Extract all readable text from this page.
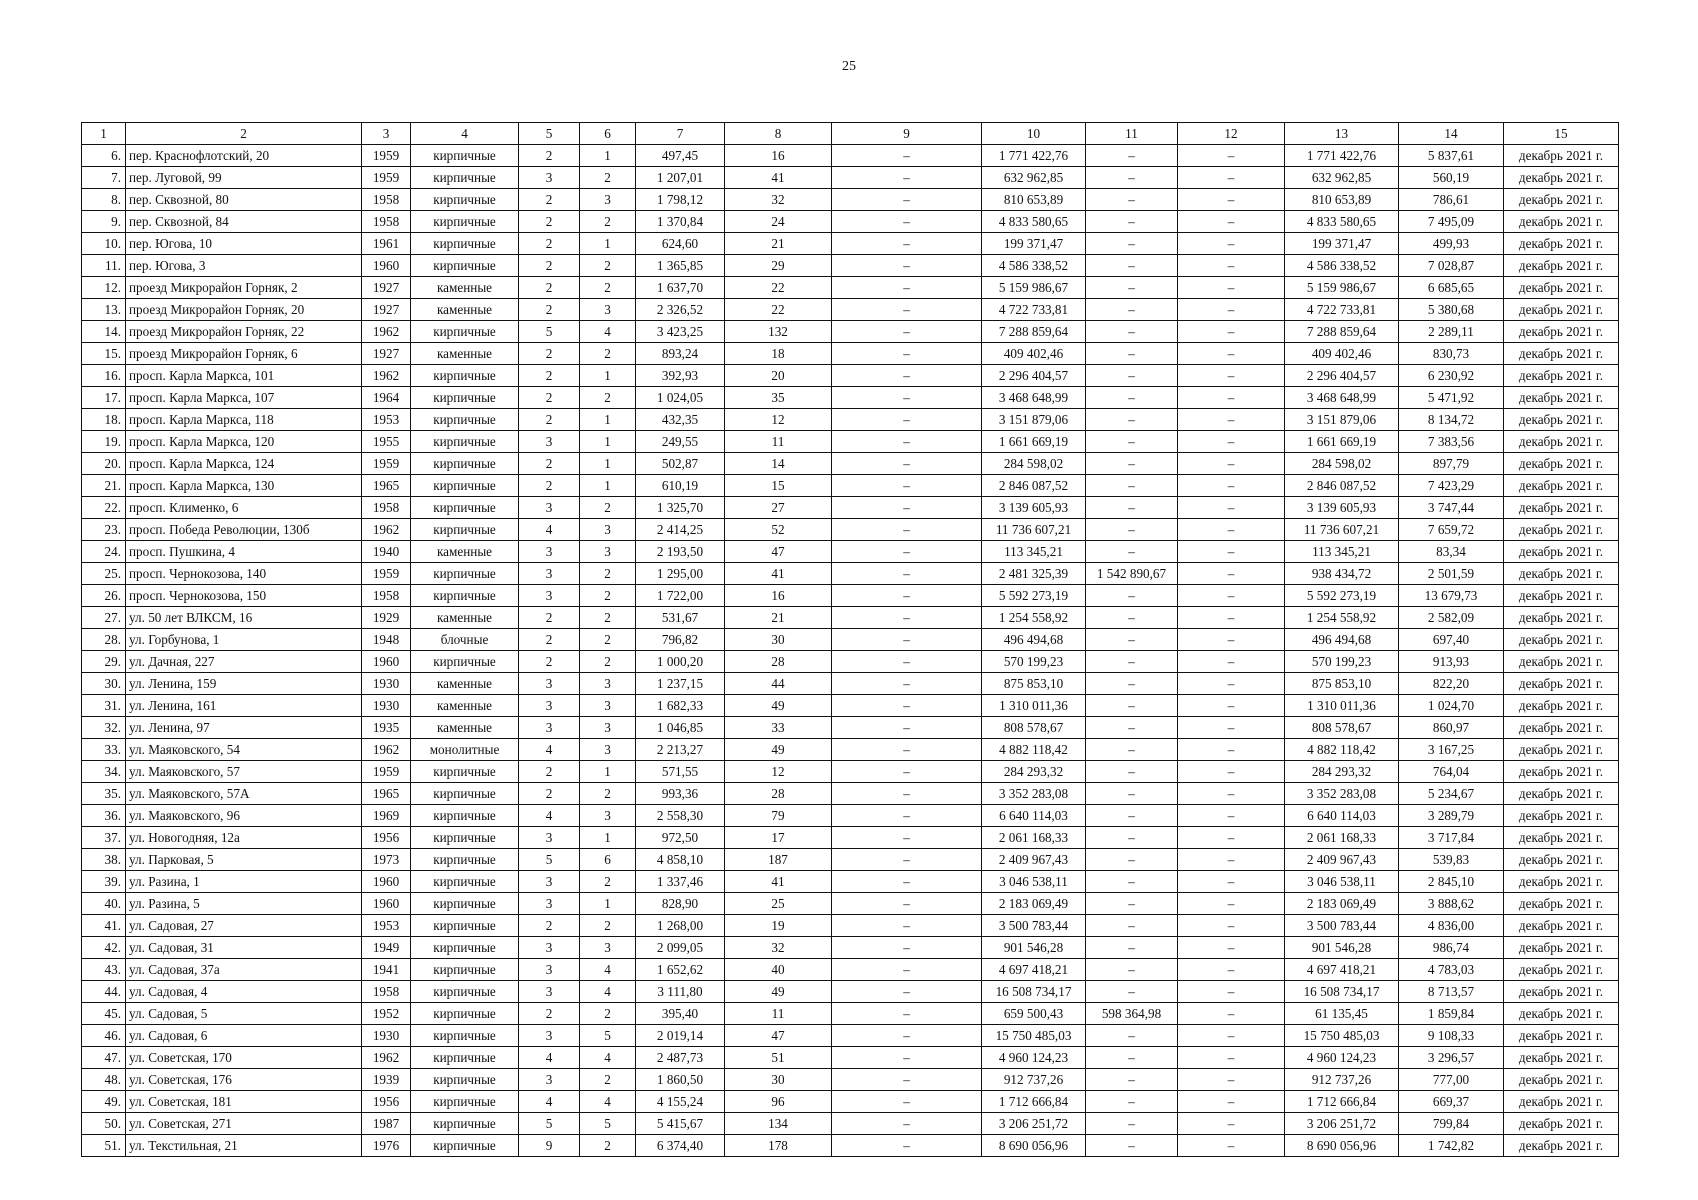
25
1	2	3	4	5	6	7	8	9	10	11	12	13	14	15
6.	пер. Краснофлотский, 20	1959	кирпичные	2	1	497,45	16	–	1 771 422,76	–	–	1 771 422,76	5 837,61	декабрь 2021 г.
7.	пер. Луговой, 99	1959	кирпичные	3	2	1 207,01	41	–	632 962,85	–	–	632 962,85	560,19	декабрь 2021 г.
8.	пер. Сквозной, 80	1958	кирпичные	2	3	1 798,12	32	–	810 653,89	–	–	810 653,89	786,61	декабрь 2021 г.
9.	пер. Сквозной, 84	1958	кирпичные	2	2	1 370,84	24	–	4 833 580,65	–	–	4 833 580,65	7 495,09	декабрь 2021 г.
10.	пер. Югова, 10	1961	кирпичные	2	1	624,60	21	–	199 371,47	–	–	199 371,47	499,93	декабрь 2021 г.
11.	пер. Югова, 3	1960	кирпичные	2	2	1 365,85	29	–	4 586 338,52	–	–	4 586 338,52	7 028,87	декабрь 2021 г.
12.	проезд Микрорайон Горняк, 2	1927	каменные	2	2	1 637,70	22	–	5 159 986,67	–	–	5 159 986,67	6 685,65	декабрь 2021 г.
13.	проезд Микрорайон Горняк, 20	1927	каменные	2	3	2 326,52	22	–	4 722 733,81	–	–	4 722 733,81	5 380,68	декабрь 2021 г.
14.	проезд Микрорайон Горняк, 22	1962	кирпичные	5	4	3 423,25	132	–	7 288 859,64	–	–	7 288 859,64	2 289,11	декабрь 2021 г.
15.	проезд Микрорайон Горняк, 6	1927	каменные	2	2	893,24	18	–	409 402,46	–	–	409 402,46	830,73	декабрь 2021 г.
16.	просп. Карла Маркса, 101	1962	кирпичные	2	1	392,93	20	–	2 296 404,57	–	–	2 296 404,57	6 230,92	декабрь 2021 г.
17.	просп. Карла Маркса, 107	1964	кирпичные	2	2	1 024,05	35	–	3 468 648,99	–	–	3 468 648,99	5 471,92	декабрь 2021 г.
18.	просп. Карла Маркса, 118	1953	кирпичные	2	1	432,35	12	–	3 151 879,06	–	–	3 151 879,06	8 134,72	декабрь 2021 г.
19.	просп. Карла Маркса, 120	1955	кирпичные	3	1	249,55	11	–	1 661 669,19	–	–	1 661 669,19	7 383,56	декабрь 2021 г.
20.	просп. Карла Маркса, 124	1959	кирпичные	2	1	502,87	14	–	284 598,02	–	–	284 598,02	897,79	декабрь 2021 г.
21.	просп. Карла Маркса, 130	1965	кирпичные	2	1	610,19	15	–	2 846 087,52	–	–	2 846 087,52	7 423,29	декабрь 2021 г.
22.	просп. Клименко, 6	1958	кирпичные	3	2	1 325,70	27	–	3 139 605,93	–	–	3 139 605,93	3 747,44	декабрь 2021 г.
23.	просп. Победа Революции, 130б	1962	кирпичные	4	3	2 414,25	52	–	11 736 607,21	–	–	11 736 607,21	7 659,72	декабрь 2021 г.
24.	просп. Пушкина, 4	1940	каменные	3	3	2 193,50	47	–	113 345,21	–	–	113 345,21	83,34	декабрь 2021 г.
25.	просп. Чернокозова, 140	1959	кирпичные	3	2	1 295,00	41	–	2 481 325,39	1 542 890,67	–	938 434,72	2 501,59	декабрь 2021 г.
26.	просп. Чернокозова, 150	1958	кирпичные	3	2	1 722,00	16	–	5 592 273,19	–	–	5 592 273,19	13 679,73	декабрь 2021 г.
27.	ул. 50 лет ВЛКСМ, 16	1929	каменные	2	2	531,67	21	–	1 254 558,92	–	–	1 254 558,92	2 582,09	декабрь 2021 г.
28.	ул. Горбунова, 1	1948	блочные	2	2	796,82	30	–	496 494,68	–	–	496 494,68	697,40	декабрь 2021 г.
29.	ул. Дачная, 227	1960	кирпичные	2	2	1 000,20	28	–	570 199,23	–	–	570 199,23	913,93	декабрь 2021 г.
30.	ул. Ленина, 159	1930	каменные	3	3	1 237,15	44	–	875 853,10	–	–	875 853,10	822,20	декабрь 2021 г.
31.	ул. Ленина, 161	1930	каменные	3	3	1 682,33	49	–	1 310 011,36	–	–	1 310 011,36	1 024,70	декабрь 2021 г.
32.	ул. Ленина, 97	1935	каменные	3	3	1 046,85	33	–	808 578,67	–	–	808 578,67	860,97	декабрь 2021 г.
33.	ул. Маяковского, 54	1962	монолитные	4	3	2 213,27	49	–	4 882 118,42	–	–	4 882 118,42	3 167,25	декабрь 2021 г.
34.	ул. Маяковского, 57	1959	кирпичные	2	1	571,55	12	–	284 293,32	–	–	284 293,32	764,04	декабрь 2021 г.
35.	ул. Маяковского, 57А	1965	кирпичные	2	2	993,36	28	–	3 352 283,08	–	–	3 352 283,08	5 234,67	декабрь 2021 г.
36.	ул. Маяковского, 96	1969	кирпичные	4	3	2 558,30	79	–	6 640 114,03	–	–	6 640 114,03	3 289,79	декабрь 2021 г.
37.	ул. Новогодняя, 12а	1956	кирпичные	3	1	972,50	17	–	2 061 168,33	–	–	2 061 168,33	3 717,84	декабрь 2021 г.
38.	ул. Парковая, 5	1973	кирпичные	5	6	4 858,10	187	–	2 409 967,43	–	–	2 409 967,43	539,83	декабрь 2021 г.
39.	ул. Разина, 1	1960	кирпичные	3	2	1 337,46	41	–	3 046 538,11	–	–	3 046 538,11	2 845,10	декабрь 2021 г.
40.	ул. Разина, 5	1960	кирпичные	3	1	828,90	25	–	2 183 069,49	–	–	2 183 069,49	3 888,62	декабрь 2021 г.
41.	ул. Садовая, 27	1953	кирпичные	2	2	1 268,00	19	–	3 500 783,44	–	–	3 500 783,44	4 836,00	декабрь 2021 г.
42.	ул. Садовая, 31	1949	кирпичные	3	3	2 099,05	32	–	901 546,28	–	–	901 546,28	986,74	декабрь 2021 г.
43.	ул. Садовая, 37а	1941	кирпичные	3	4	1 652,62	40	–	4 697 418,21	–	–	4 697 418,21	4 783,03	декабрь 2021 г.
44.	ул. Садовая, 4	1958	кирпичные	3	4	3 111,80	49	–	16 508 734,17	–	–	16 508 734,17	8 713,57	декабрь 2021 г.
45.	ул. Садовая, 5	1952	кирпичные	2	2	395,40	11	–	659 500,43	598 364,98	–	61 135,45	1 859,84	декабрь 2021 г.
46.	ул. Садовая, 6	1930	кирпичные	3	5	2 019,14	47	–	15 750 485,03	–	–	15 750 485,03	9 108,33	декабрь 2021 г.
47.	ул. Советская, 170	1962	кирпичные	4	4	2 487,73	51	–	4 960 124,23	–	–	4 960 124,23	3 296,57	декабрь 2021 г.
48.	ул. Советская, 176	1939	кирпичные	3	2	1 860,50	30	–	912 737,26	–	–	912 737,26	777,00	декабрь 2021 г.
49.	ул. Советская, 181	1956	кирпичные	4	4	4 155,24	96	–	1 712 666,84	–	–	1 712 666,84	669,37	декабрь 2021 г.
50.	ул. Советская, 271	1987	кирпичные	5	5	5 415,67	134	–	3 206 251,72	–	–	3 206 251,72	799,84	декабрь 2021 г.
51.	ул. Текстильная, 21	1976	кирпичные	9	2	6 374,40	178	–	8 690 056,96	–	–	8 690 056,96	1 742,82	декабрь 2021 г.
